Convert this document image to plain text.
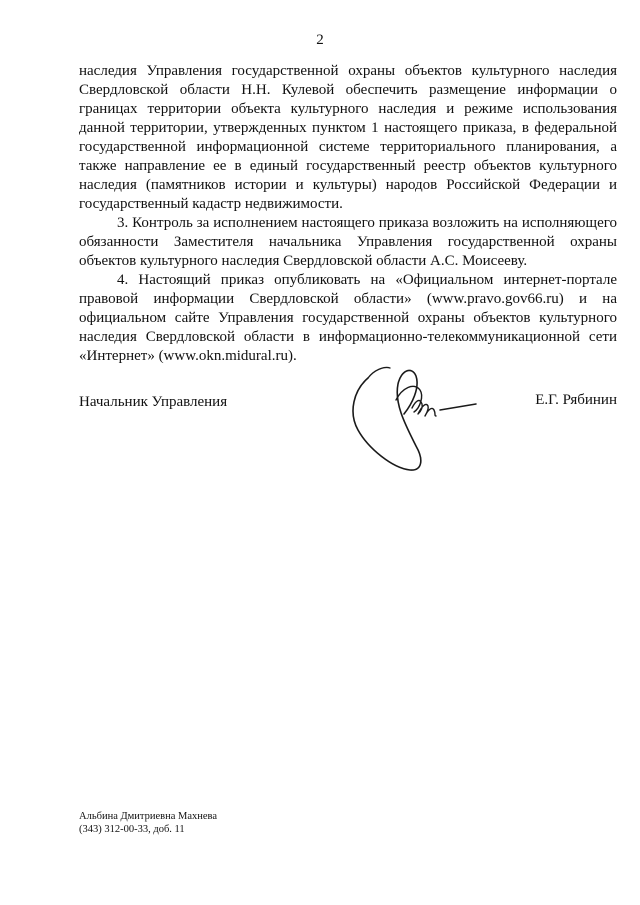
2

наследия Управления государственной охраны объектов культурного наследия Свердловской области Н.Н. Кулевой обеспечить размещение информации о границах территории объекта культурного наследия и режиме использования данной территории, утвержденных пунктом 1 настоящего приказа, в федеральной государственной информационной системе территориального планирования, а также направление ее в единый государственный реестр объектов культурного наследия (памятников истории и культуры) народов Российской Федерации и государственный кадастр недвижимости.

3. Контроль за исполнением настоящего приказа возложить на исполняющего обязанности Заместителя начальника Управления государственной охраны объектов культурного наследия Свердловской области А.С. Моисееву.

4. Настоящий приказ опубликовать на «Официальном интернет-портале правовой информации Свердловской области» (www.pravo.gov66.ru) и на официальном сайте Управления государственной охраны объектов культурного наследия Свердловской области в информационно-телекоммуникационной сети «Интернет» (www.okn.midural.ru).

Начальник Управления	Е.Г. Рябинин
Альбина Дмитриевна Махнева
(343) 312-00-33, доб. 11
